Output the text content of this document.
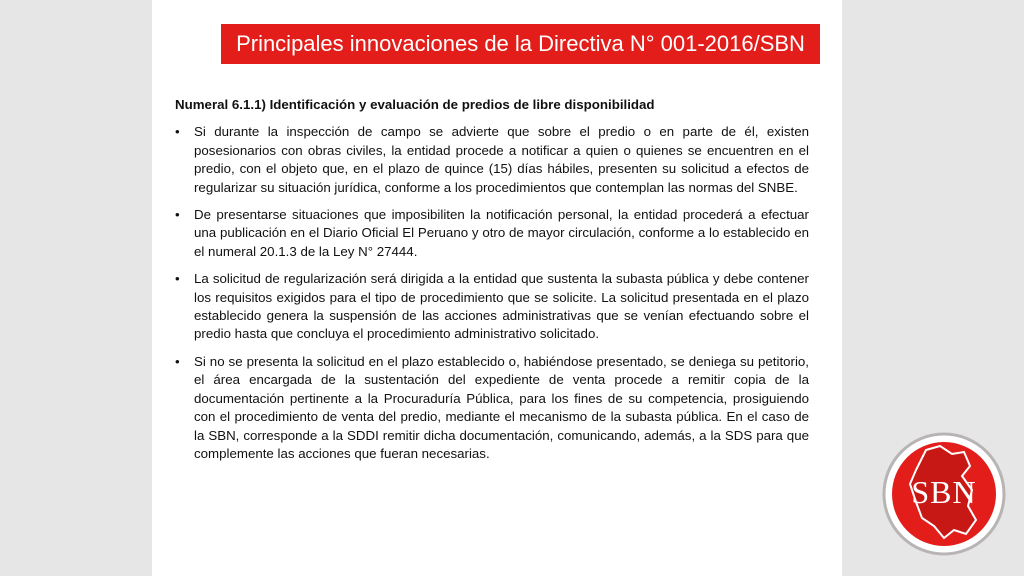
Principales innovaciones de la Directiva N° 001-2016/SBN
Numeral 6.1.1) Identificación y evaluación de predios de libre disponibilidad
• Si durante la inspección de campo se advierte que sobre el predio o en parte de él, existen posesionarios con obras civiles, la entidad procede a notificar a quien o quienes se encuentren en el predio, con el objeto que, en el plazo de quince (15) días hábiles, presenten su solicitud a efectos de regularizar su situación jurídica, conforme a los procedimientos que contemplan las normas del SNBE.
• De presentarse situaciones que imposibiliten la notificación personal, la entidad procederá a efectuar una publicación en el Diario Oficial El Peruano y otro de mayor circulación, conforme a lo establecido en el numeral 20.1.3 de la Ley N° 27444.
• La solicitud de regularización será dirigida a la entidad que sustenta la subasta pública y debe contener los requisitos exigidos para el tipo de procedimiento que se solicite. La solicitud presentada en el plazo establecido genera la suspensión de las acciones administrativas que se venían efectuando sobre el predio hasta que concluya el procedimiento administrativo solicitado.
• Si no se presenta la solicitud en el plazo establecido o, habiéndose presentado, se deniega su petitorio, el área encargada de la sustentación del expediente de venta procede a remitir copia de la documentación pertinente a la Procuraduría Pública, para los fines de su competencia, prosiguiendo con el procedimiento de venta del predio, mediante el mecanismo de la subasta pública. En el caso de la SBN, corresponde a la SDDI remitir dicha documentación, comunicando, además, a la SDS para que complemente las acciones que fueran necesarias.
SBN
